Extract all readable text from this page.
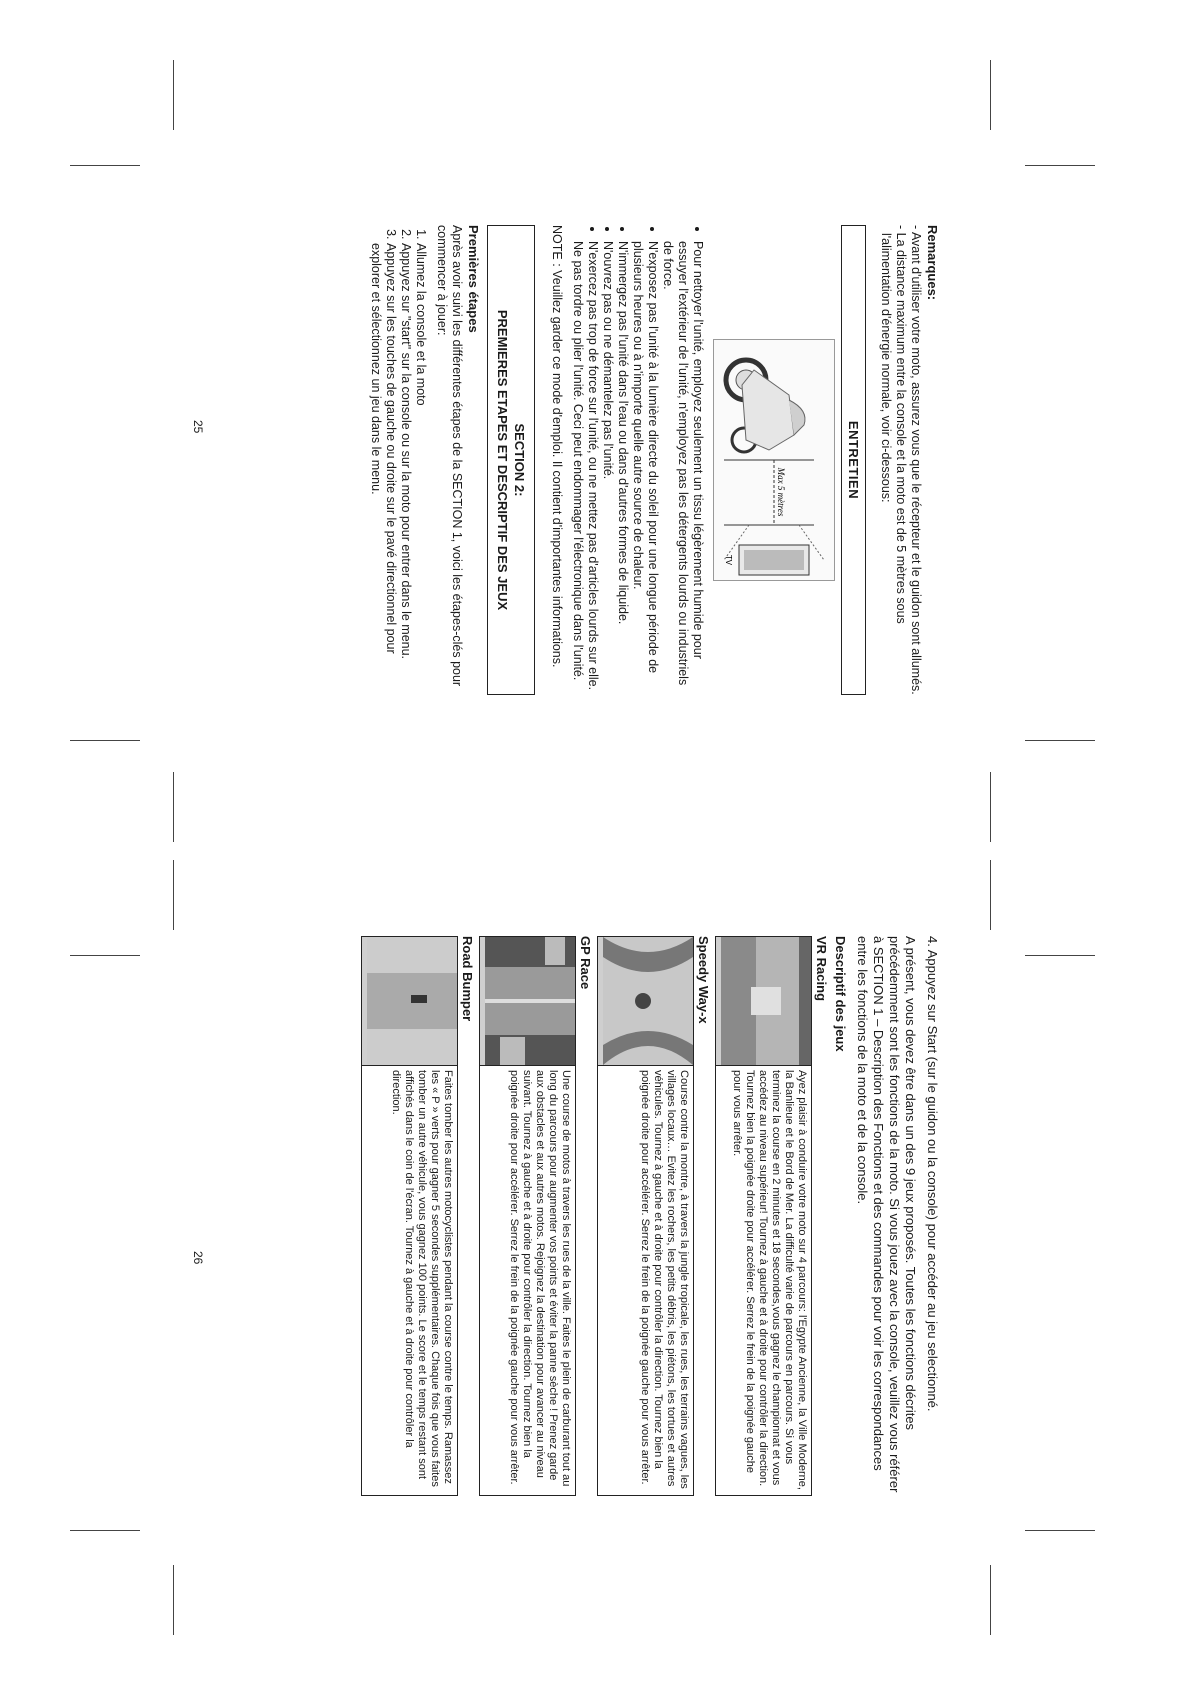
Remarques:
- Avant d'utiliser votre moto, assurez vous que le récepteur et le guidon sont allumés.
- La distance maximum entre la console et la moto est de 5 mètres sous l'alimentation d'énergie normale, voir ci-dessous:
ENTRETIEN
Max 5 mètres
TV
• Pour nettoyer l'unité, employez seulement un tissu légèrement humide pour essuyer l'extérieur de l'unité, n'employez pas les détergents lourds ou industriels de force.
• N'exposez pas l'unité à la lumière directe du soleil pour une longue période de plusieurs heures ou à n'importe quelle autre source de chaleur.
• N'immergez pas l'unité dans l'eau ou dans d'autres formes de liquide.
• N'ouvrez pas ou ne démantelez pas l'unité.
• N'exercez pas trop de force sur l'unité, ou ne mettez pas d'articles lourds sur elle. Ne pas tordre ou plier l'unité. Ceci peut endommager l'électronique dans l'unité.
NOTE : Veuillez garder ce mode d'emploi. Il contient d'importantes informations.
SECTION 2:
PREMIERES ETAPES ET DESCRIPTIF DES JEUX
Premières étapes
Après avoir suivi les différentes étapes de la SECTION 1, voici les étapes-clés pour commencer à jouer:
1. Allumez la console et la moto
2. Appuyez sur "start" sur la console ou sur la moto pour entrer dans le menu.
3. Appuyez sur les touches de gauche ou droite sur le pavé directionnel pour explorer et sélectionnez un jeu dans le menu.
25
4. Appuyez sur Start (sur le guidon ou la console) pour accéder au jeu selectionné.
A présent, vous devez être dans un des 9 jeux proposés. Toutes les fonctions décrites précédemment sont les fonctions de la moto. Si vous jouez avec la console, veuillez vous référer à SECTION 1 – Description des Fonctions et des commandes pour voir les correspondances entre les fonctions de la moto et de la console.
Descriptif des jeux
VR Racing
Ayez plaisir à conduire votre moto sur 4 parcours: l'Egypte Ancienne, la Ville Moderne, la Banlieue et le Bord de Mer. La difficulté varie de parcours en parcours. Si vous terminez la course en 2 minutes et 18 secondes,vous gagnez le championnat et vous accédez au niveau supérieur! Tournez à gauche et à droite pour contrôler la direction. Tournez bien la poignée droite pour accélérer. Serrez le frein de la poignée gauche pour vous arrêter.
Speedy Way-x
Course contre la montre, à travers la jungle tropicale, les rues, les terrains vagues, les villages locaux… Evitez les rochers, les petits débris, les piétons, les tortues et autres véhicules. Tournez à gauche et à droite pour contrôler la direction. Tournez bien la poignée droite pour accélérer. Serrez le frein de la poignée gauche pour vous arrêter.
GP Race
Une course de motos à travers les rues de la ville. Faites le plein de carburant tout au long du parcours pour augmenter vos points et éviter la panne sèche ! Prenez garde aux obstacles et aux autres motos. Rejoignez la destination pour avancer au niveau suivant. Tournez à gauche et à droite pour contrôler la direction. Tournez bien la poignée droite pour accélérer. Serrez le frein de la poignée gauche pour vous arrêter.
Road Bumper
Faites tomber les autres motocyclistes pendant la course contre le temps. Ramassez les « P » verts pour gagner 5 secondes supplémentaires. Chaque fois que vous faites tomber un autre véhicule, vous gagnez 100 points. Le score et le temps restant sont affichés dans le coin de l'écran. Tournez à gauche et à droite pour contrôler la direction.
26
